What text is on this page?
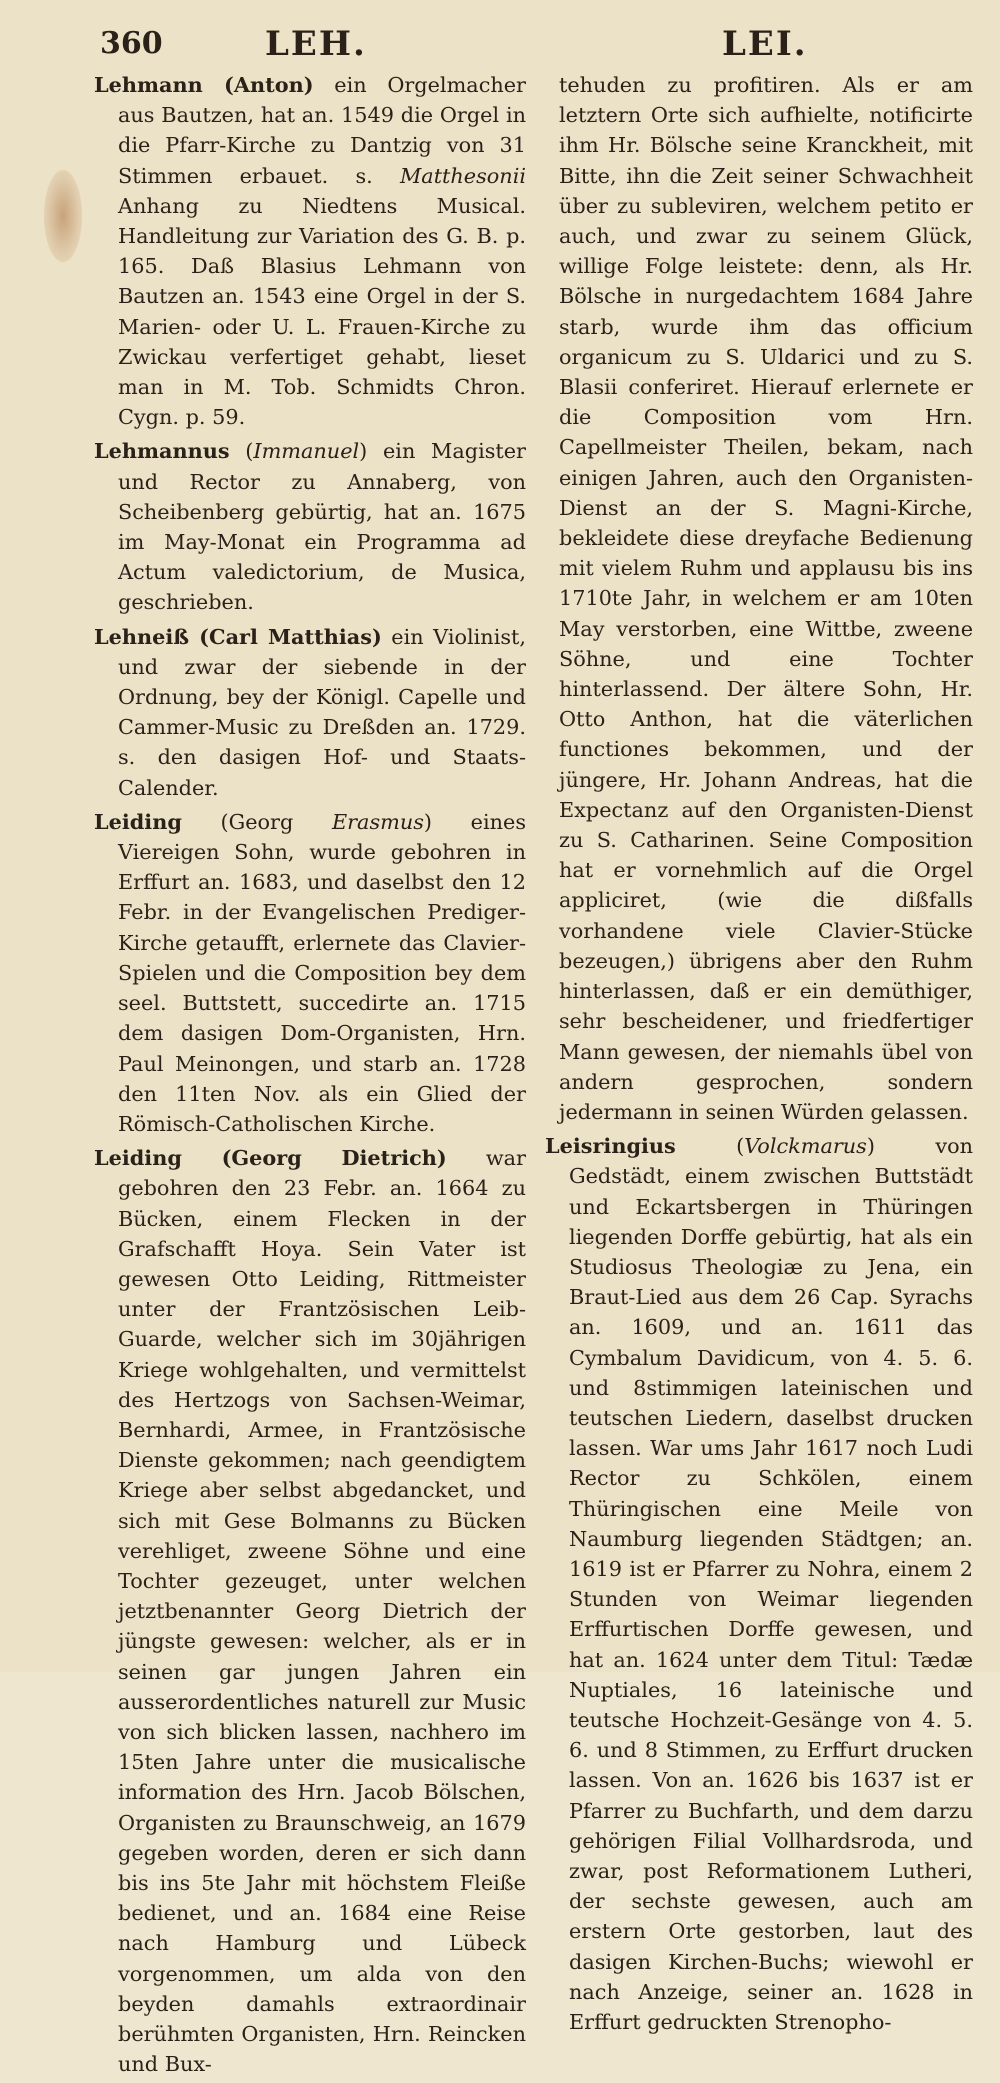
360	LEH.	LEI.

Lehmann (Anton) ein Orgelmacher aus Bautzen, hat an. 1549 die Orgel in die Pfarr-Kirche zu Dantzig von 31 Stimmen erbauet. s. Matthesonii Anhang zu Niedtens Musical. Handleitung zur Variation des G. B. p. 165. Daß Blasius Lehmann von Bautzen an. 1543 eine Orgel in der S. Marien- oder U. L. Frauen-Kirche zu Zwickau verfertiget gehabt, lieset man in M. Tob. Schmidts Chron. Cygn. p. 59.

Lehmannus (Immanuel) ein Magister und Rector zu Annaberg, von Scheibenberg gebürtig, hat an. 1675 im May-Monat ein Programma ad Actum valedictorium, de Musica, geschrieben.

Lehneiß (Carl Matthias) ein Violinist, und zwar der siebende in der Ordnung, bey der Königl. Capelle und Cammer-Music zu Dreßden an. 1729. s. den dasigen Hof- und Staats-Calender.

Leiding (Georg Erasmus) eines Viereigen Sohn, wurde gebohren in Erffurt an. 1683, und daselbst den 12 Febr. in der Evangelischen Prediger-Kirche getaufft, erlernete das Clavier-Spielen und die Composition bey dem seel. Buttstett, succedirte an. 1715 dem dasigen Dom-Organisten, Hrn. Paul Meinongen, und starb an. 1728 den 11ten Nov. als ein Glied der Römisch-Catholischen Kirche.

Leiding (Georg Dietrich) war gebohren den 23 Febr. an. 1664 zu Bücken, einem Flecken in der Grafschafft Hoya. Sein Vater ist gewesen Otto Leiding, Rittmeister unter der Frantzösischen Leib-Guarde, welcher sich im 30jährigen Kriege wohlgehalten, und vermittelst des Hertzogs von Sachsen-Weimar, Bernhardi, Armee, in Frantzösische Dienste gekommen; nach geendigtem Kriege aber selbst abgedancket, und sich mit Gese Bolmanns zu Bücken verehliget, zweene Söhne und eine Tochter gezeuget, unter welchen jetztbenannter Georg Dietrich der jüngste gewesen: welcher, als er in seinen gar jungen Jahren ein ausserordentliches naturell zur Music von sich blicken lassen, nachhero im 15ten Jahre unter die musicalische information des Hrn. Jacob Bölschen, Organisten zu Braunschweig, an 1679 gegeben worden, deren er sich dann bis ins 5te Jahr mit höchstem Fleiße bedienet, und an. 1684 eine Reise nach Hamburg und Lübeck vorgenommen, um alda von den beyden damahls extraordinair berühmten Organisten, Hrn. Reincken und Bux-

tehuden zu profitiren. Als er am letztern Orte sich aufhielte, notificirte ihm Hr. Bölsche seine Kranckheit, mit Bitte, ihn die Zeit seiner Schwachheit über zu subleviren, welchem petito er auch, und zwar zu seinem Glück, willige Folge leistete: denn, als Hr. Bölsche in nurgedachtem 1684 Jahre starb, wurde ihm das officium organicum zu S. Uldarici und zu S. Blasii conferiret. Hierauf erlernete er die Composition vom Hrn. Capellmeister Theilen, bekam, nach einigen Jahren, auch den Organisten-Dienst an der S. Magni-Kirche, bekleidete diese dreyfache Bedienung mit vielem Ruhm und applausu bis ins 1710te Jahr, in welchem er am 10ten May verstorben, eine Wittbe, zweene Söhne, und eine Tochter hinterlassend. Der ältere Sohn, Hr. Otto Anthon, hat die väterlichen functiones bekommen, und der jüngere, Hr. Johann Andreas, hat die Expectanz auf den Organisten-Dienst zu S. Catharinen. Seine Composition hat er vornehmlich auf die Orgel appliciret, (wie die dißfalls vorhandene viele Clavier-Stücke bezeugen,) übrigens aber den Ruhm hinterlassen, daß er ein demüthiger, sehr bescheidener, und friedfertiger Mann gewesen, der niemahls übel von andern gesprochen, sondern jedermann in seinen Würden gelassen.

Leisringius (Volckmarus) von Gedstädt, einem zwischen Buttstädt und Eckartsbergen in Thüringen liegenden Dorffe gebürtig, hat als ein Studiosus Theologiæ zu Jena, ein Braut-Lied aus dem 26 Cap. Syrachs an. 1609, und an. 1611 das Cymbalum Davidicum, von 4. 5. 6. und 8stimmigen lateinischen und teutschen Liedern, daselbst drucken lassen. War ums Jahr 1617 noch Ludi Rector zu Schkölen, einem Thüringischen eine Meile von Naumburg liegenden Städtgen; an. 1619 ist er Pfarrer zu Nohra, einem 2 Stunden von Weimar liegenden Erffurtischen Dorffe gewesen, und hat an. 1624 unter dem Titul: Tædæ Nuptiales, 16 lateinische und teutsche Hochzeit-Gesänge von 4. 5. 6. und 8 Stimmen, zu Erffurt drucken lassen. Von an. 1626 bis 1637 ist er Pfarrer zu Buchfarth, und dem darzu gehörigen Filial Vollhardsroda, und zwar, post Reformationem Lutheri, der sechste gewesen, auch am erstern Orte gestorben, laut des dasigen Kirchen-Buchs; wiewohl er nach Anzeige, seiner an. 1628 in Erffurt gedruckten Strenopho-
